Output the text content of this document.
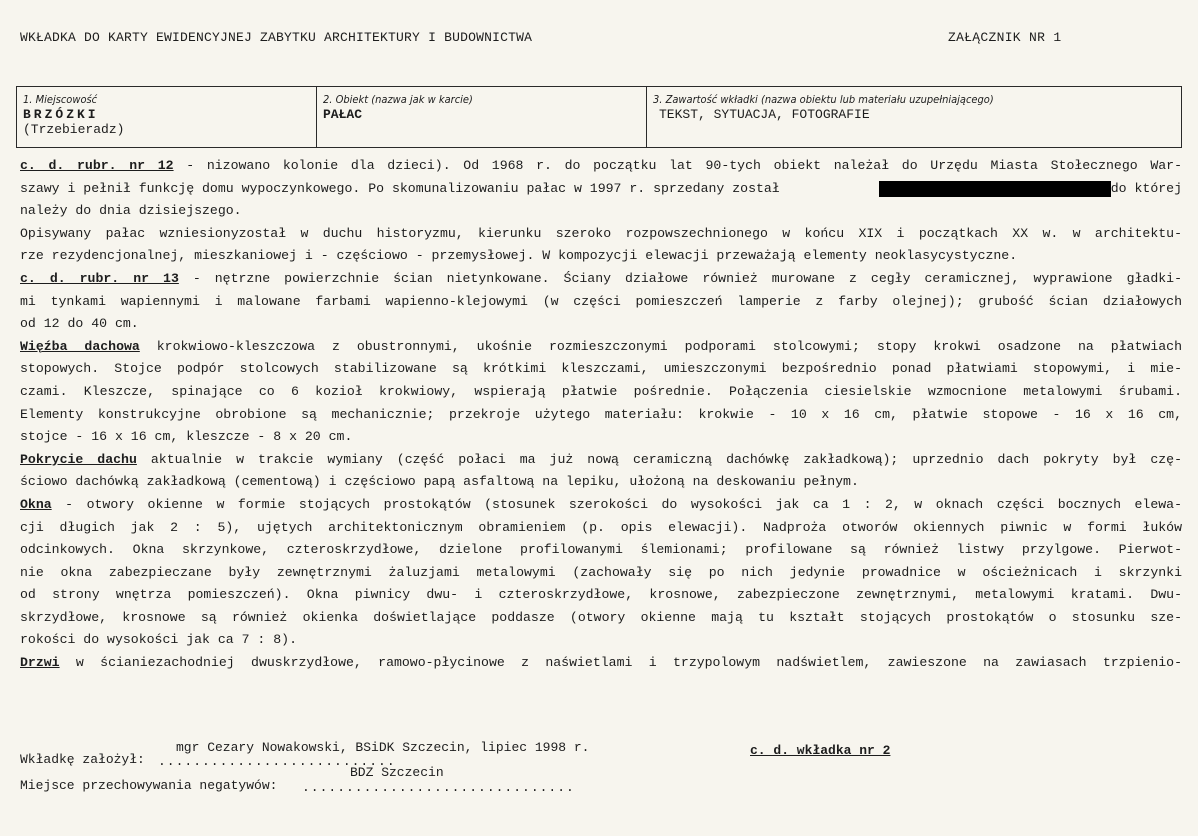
WKŁADKA DO KARTY EWIDENCYJNEJ ZABYTKU ARCHITEKTURY I BUDOWNICTWA	ZAŁĄCZNIK NR 1
1. Miejscowość
BRZÓZKI
(Trzebieradz)
2. Obiekt (nazwa jak w karcie)
PAŁAC
3. Zawartość wkładki (nazwa obiektu lub materiału uzupełniającego)
TEKST, SYTUACJA, FOTOGRAFIE
c. d. rubr. nr 12 - nizowano kolonie dla dzieci). Od 1968 r. do początku lat 90-tych obiekt należał do Urzędu Miasta Stołecznego War-
szawy i pełnił funkcję domu wypoczynkowego. Po skomunalizowaniu pałac w 1997 r. sprzedany został	do której
należy do dnia dzisiejszego.
Opisywany pałac wzniesionyzostał w duchu historyzmu, kierunku szeroko rozpowszechnionego w końcu XIX i początkach XX w. w architektu-
rze rezydencjonalnej, mieszkaniowej i - częściowo - przemysłowej. W kompozycji elewacji przeważają elementy neoklasycystyczne.
c. d. rubr. nr 13 - nętrzne powierzchnie ścian nietynkowane. Ściany działowe również murowane z cegły ceramicznej, wyprawione gładki-
mi tynkami wapiennymi i malowane farbami wapienno-klejowymi (w części pomieszczeń lamperie z farby olejnej); grubość ścian działowych
od 12 do 40 cm.
Więźba dachowa krokwiowo-kleszczowa z obustronnymi, ukośnie rozmieszczonymi podporami stolcowymi; stopy krokwi osadzone na płatwiach
stopowych. Stojce podpór stolcowych stabilizowane są krótkimi kleszczami, umieszczonymi bezpośrednio ponad płatwiami stopowymi, i mie-
czami. Kleszcze, spinające co 6 kozioł krokwiowy, wspierają płatwie pośrednie. Połączenia ciesielskie wzmocnione metalowymi śrubami.
Elementy konstrukcyjne obrobione są mechanicznie; przekroje użytego materiału: krokwie - 10 x 16 cm, płatwie stopowe - 16 x 16 cm,
stojce - 16 x 16 cm, kleszcze - 8 x 20 cm.
Pokrycie dachu aktualnie w trakcie wymiany (część połaci ma już nową ceramiczną dachówkę zakładkową); uprzednio dach pokryty był czę-
ściowo dachówką zakładkową (cementową) i częściowo papą asfaltową na lepiku, ułożoną na deskowaniu pełnym.
Okna - otwory okienne w formie stojących prostokątów (stosunek szerokości do wysokości jak ca 1 : 2, w oknach części bocznych elewa-
cji długich jak 2 : 5), ujętych architektonicznym obramieniem (p. opis elewacji). Nadproża otworów okiennych piwnic w formi łuków
odcinkowych. Okna skrzynkowe, czteroskrzydłowe, dzielone profilowanymi ślemionami; profilowane są również listwy przylgowe. Pierwot-
nie okna zabezpieczane były zewnętrznymi żaluzjami metalowymi (zachowały się po nich jedynie prowadnice w ościeżnicach i skrzynki
od strony wnętrza pomieszczeń). Okna piwnicy dwu- i czteroskrzydłowe, krosnowe, zabezpieczone zewnętrznymi, metalowymi kratami. Dwu-
skrzydłowe, krosnowe są również okienka doświetlające poddasze (otwory okienne mają tu kształt stojących prostokątów o stosunku sze-
rokości do wysokości jak ca 7 : 8).
Drzwi w ścianiezachodniej dwuskrzydłowe, ramowo-płycinowe z naświetlami i trzypolowym nadświetlem, zawieszone na zawiasach trzpienio-
Wkładkę założył: ...........................
mgr Cezary Nowakowski, BSiDK Szczecin, lipiec 1998 r.	c. d. wkładka nr 2
BDZ Szczecin
Miejsce przechowywania negatywów: ...............................
